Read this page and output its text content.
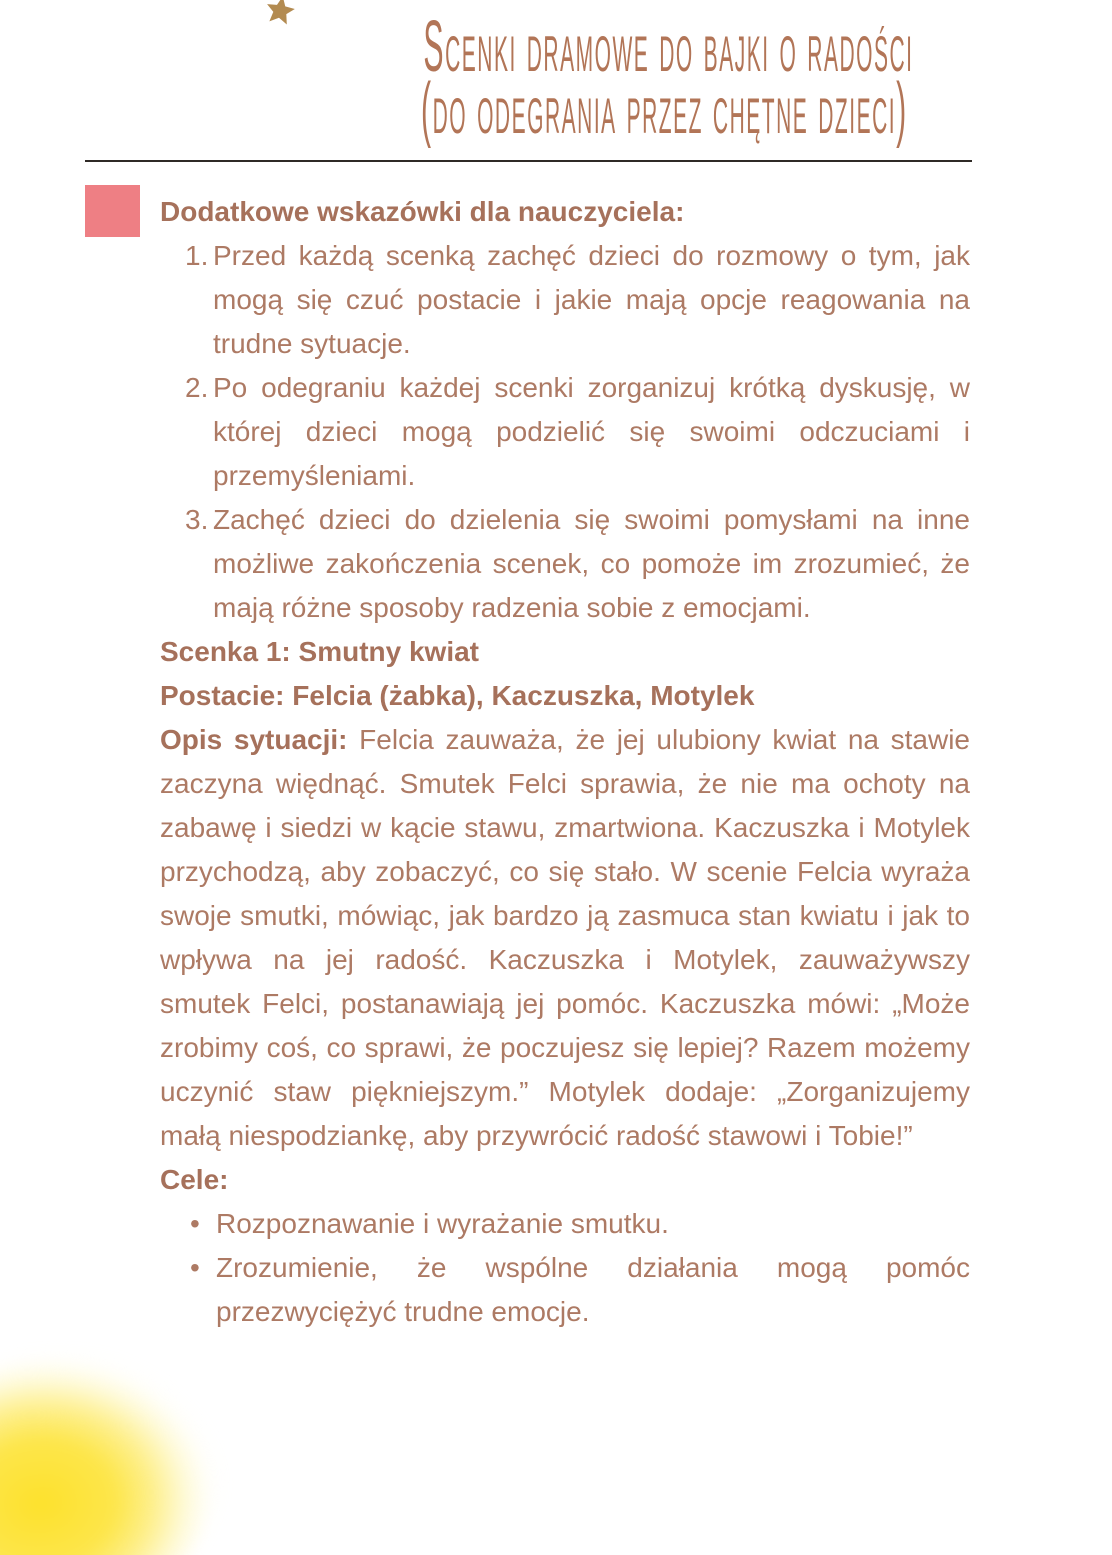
Scenki dramowe do bajki o radości
(do odegrania przez chętne dzieci)
Dodatkowe wskazówki dla nauczyciela:
1. Przed każdą scenką zachęć dzieci do rozmowy o tym, jak mogą się czuć postacie i jakie mają opcje reagowania na trudne sytuacje.
2. Po odegraniu każdej scenki zorganizuj krótką dyskusję, w której dzieci mogą podzielić się swoimi odczuciami i przemyśleniami.
3. Zachęć dzieci do dzielenia się swoimi pomysłami na inne możliwe zakończenia scenek, co pomoże im zrozumieć, że mają różne sposoby radzenia sobie z emocjami.
Scenka 1: Smutny kwiat
Postacie: Felcia (żabka), Kaczuszka, Motylek

Opis sytuacji: Felcia zauważa, że jej ulubiony kwiat na stawie zaczyna więdnąć. Smutek Felci sprawia, że nie ma ochoty na zabawę i siedzi w kącie stawu, zmartwiona. Kaczuszka i Motylek przychodzą, aby zobaczyć, co się stało. W scenie Felcia wyraża swoje smutki, mówiąc, jak bardzo ją zasmuca stan kwiatu i jak to wpływa na jej radość. Kaczuszka i Motylek, zauważywszy smutek Felci, postanawiają jej pomóc. Kaczuszka mówi: „Może zrobimy coś, co sprawi, że poczujesz się lepiej? Razem możemy uczynić staw piękniejszym.” Motylek dodaje: „Zorganizujemy małą niespodziankę, aby przywrócić radość stawowi i Tobie!”

Cele:
• Rozpoznawanie i wyrażanie smutku.
• Zrozumienie, że wspólne działania mogą pomóc przezwyciężyć trudne emocje.
